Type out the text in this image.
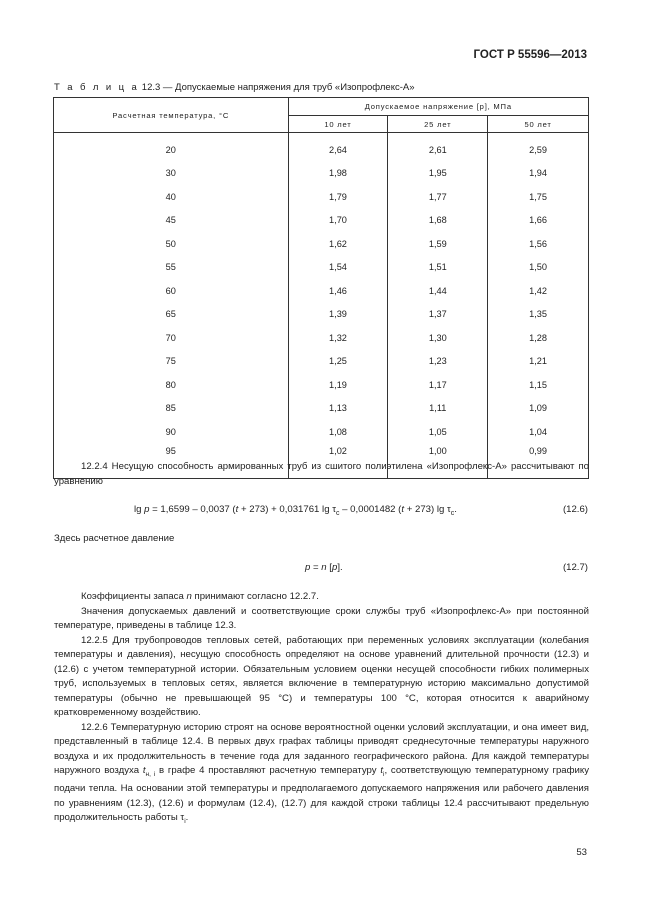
ГОСТ Р 55596—2013
Т а б л и ц а 12.3 — Допускаемые напряжения для труб «Изопрофлекс-А»
Расчетная температура, °С	Допускаемое напряжение [р], МПа		
	10 лет	25 лет	50 лет
20	2,64	2,61	2,59
30	1,98	1,95	1,94
40	1,79	1,77	1,75
45	1,70	1,68	1,66
50	1,62	1,59	1,56
55	1,54	1,51	1,50
60	1,46	1,44	1,42
65	1,39	1,37	1,35
70	1,32	1,30	1,28
75	1,25	1,23	1,21
80	1,19	1,17	1,15
85	1,13	1,11	1,09
90	1,08	1,05	1,04
95	1,02	1,00	0,99

12.2.4 Несущую способность армированных труб из сшитого полиэтилена «Изопрофлекс-А» рассчитывают по уравнению

lg p = 1,6599 – 0,0037 (t + 273) + 0,031761 $\lg \tau_c - 0,0001482$ (t + 273) $\lg \tau_c$.	(12.6)
Здесь расчетное давление
p = n [p].	(12.7)

Коэффициенты запаса n принимают согласно 12.2.7.

Значения допускаемых давлений и соответствующие сроки службы труб «Изопрофлекс-А» при постоянной температуре, приведены в таблице 12.3.

12.2.5 Для трубопроводов тепловых сетей, работающих при переменных условиях эксплуатации (колебания температуры и давления), несущую способность определяют на основе уравнений длительной прочности (12.3) и (12.6) с учетом температурной истории. Обязательным условием оценки несущей способности гибких полимерных труб, используемых в тепловых сетях, является включение в температурную историю максимально допустимой температуры (обычно не превышающей 95 °С) и температуры 100 °С, которая относится к аварийному кратковременному воздействию.

12.2.6 Температурную историю строят на основе вероятностной оценки условий эксплуатации, и она имеет вид, представленный в таблице 12.4. В первых двух графах таблицы приводят среднесуточные температуры наружного воздуха и их продолжительность в течение года для заданного географического района. Для каждой температуры наружного воздуха $t_{н, i}$ в графе 4 проставляют расчетную температуру $t_i$, соответствующую температурному графику подачи тепла. На основании этой температуры и предполагаемого допускаемого напряжения или рабочего давления по уравнениям (12.3), (12.6) и формулам (12.4), (12.7) для каждой строки таблицы 12.4 рассчитывают предельную продолжительность работы $\tau_i$.

53
